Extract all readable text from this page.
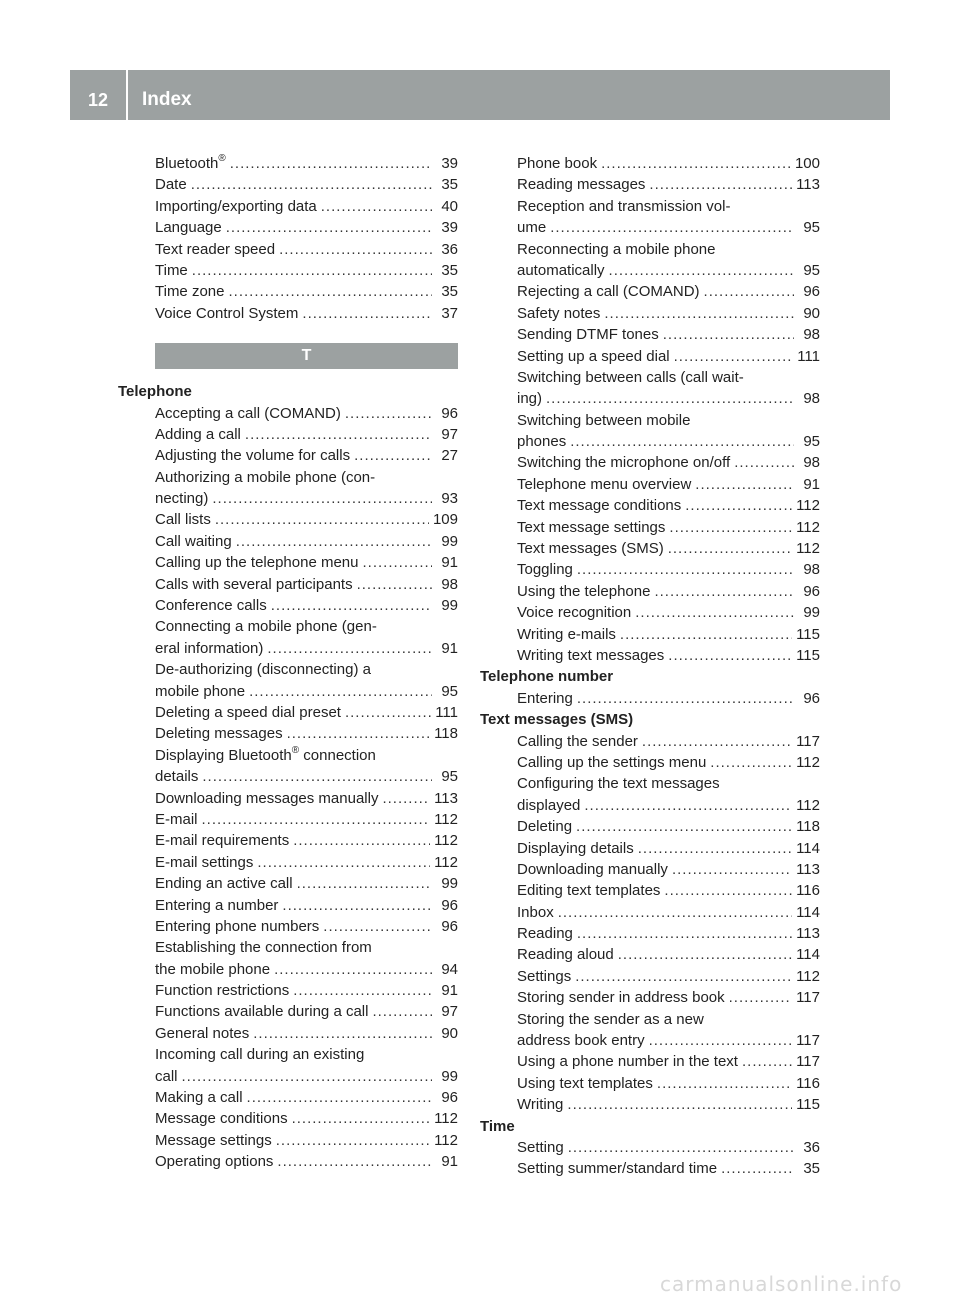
12	Index
Bluetooth® .....	39
Date .....	35
Importing/exporting data .....	40
Language .....	39
Text reader speed .....	36
Time .....	35
Time zone .....	35
Voice Control System .....	37
T
Telephone
Accepting a call (COMAND) .....	96
Adding a call .....	97
Adjusting the volume for calls .....	27
Authorizing a mobile phone (con-
necting) .....	93
Call lists .....	109
Call waiting .....	99
Calling up the telephone menu .....	91
Calls with several participants .....	98
Conference calls .....	99
Connecting a mobile phone (gen-
eral information) .....	91
De-authorizing (disconnecting) a
mobile phone .....	95
Deleting a speed dial preset .....	111
Deleting messages .....	118
Displaying Bluetooth® connection
details .....	95
Downloading messages manually .....	113
E-mail .....	112
E-mail requirements .....	112
E-mail settings .....	112
Ending an active call .....	99
Entering a number .....	96
Entering phone numbers .....	96
Establishing the connection from
the mobile phone .....	94
Function restrictions .....	91
Functions available during a call .....	97
General notes .....	90
Incoming call during an existing
call .....	99
Making a call .....	96
Message conditions .....	112
Message settings .....	112
Operating options .....	91
Phone book .....	100
Reading messages .....	113
Reception and transmission vol-
ume .....	95
Reconnecting a mobile phone
automatically .....	95
Rejecting a call (COMAND) .....	96
Safety notes .....	90
Sending DTMF tones .....	98
Setting up a speed dial .....	111
Switching between calls (call wait-
ing) .....	98
Switching between mobile
phones .....	95
Switching the microphone on/off .....	98
Telephone menu overview .....	91
Text message conditions .....	112
Text message settings .....	112
Text messages (SMS) .....	112
Toggling .....	98
Using the telephone .....	96
Voice recognition .....	99
Writing e-mails .....	115
Writing text messages .....	115
Telephone number
Entering .....	96
Text messages (SMS)
Calling the sender .....	117
Calling up the settings menu .....	112
Configuring the text messages
displayed .....	112
Deleting .....	118
Displaying details .....	114
Downloading manually .....	113
Editing text templates .....	116
Inbox .....	114
Reading .....	113
Reading aloud .....	114
Settings .....	112
Storing sender in address book .....	117
Storing the sender as a new
address book entry .....	117
Using a phone number in the text .....	117
Using text templates .....	116
Writing .....	115
Time
Setting .....	36
Setting summer/standard time .....	35
carmanualsonline.info
